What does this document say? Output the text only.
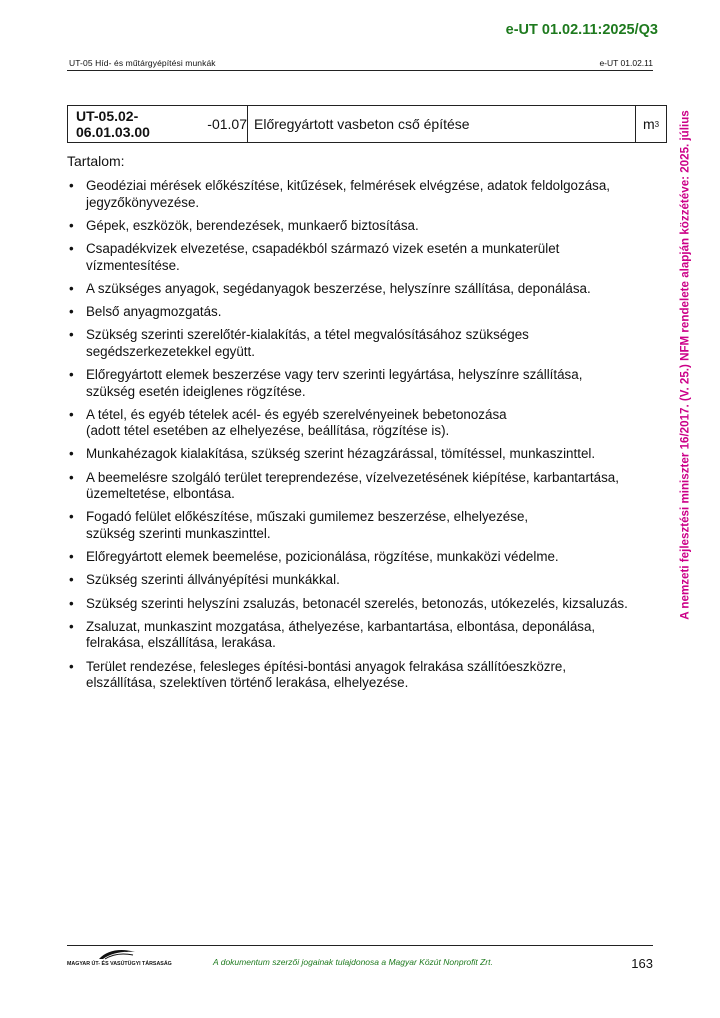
e-UT 01.02.11:2025/Q3
UT-05 Híd- és műtárgyépítési munkák	e-UT 01.02.11
UT-05.02-06.01.03.00	-01.07 Előregyártott vasbeton cső építése	m 3
Tartalom:
• Geodéziai mérések előkészítése, kitűzések, felmérések elvégzése, adatok feldolgozása,
jegyzőkönyvezése.
• Gépek, eszközök, berendezések, munkaerő biztosítása.
• Csapadékvizek elvezetése, csapadékból származó vizek esetén a munkaterület
vízmentesítése.
• A szükséges anyagok, segédanyagok beszerzése, helyszínre szállítása, deponálása.
• Belső anyagmozgatás.
• Szükség szerinti szerelőtér-kialakítás, a tétel megvalósításához szükséges
segédszerkezetekkel együtt.
• Előregyártott elemek beszerzése vagy terv szerinti legyártása, helyszínre szállítása,
szükség esetén ideiglenes rögzítése.
• A tétel, és egyéb tételek acél- és egyéb szerelvényeinek bebetonozása
(adott tétel esetében az elhelyezése, beállítása, rögzítése is).
• Munkahézagok kialakítása, szükség szerint hézagzárással, tömítéssel, munkaszinttel.
• A beemelésre szolgáló terület tereprendezése, vízelvezetésének kiépítése, karbantartása,
üzemeltetése, elbontása.
• Fogadó felület előkészítése, műszaki gumilemez beszerzése, elhelyezése,
szükség szerinti munkaszinttel.
• Előregyártott elemek beemelése, pozicionálása, rögzítése, munkaközi védelme.
• Szükség szerinti állványépítési munkákkal.
• Szükség szerinti helyszíni zsaluzás, betonacél szerelés, betonozás, utókezelés, kizsaluzás.
• Zsaluzat, munkaszint mozgatása, áthelyezése, karbantartása, elbontása, deponálása,
felrakása, elszállítása, lerakása.
• Terület rendezése, felesleges építési-bontási anyagok felrakása szállítóeszközre,
elszállítása, szelektíven történő lerakása, elhelyezése.
A nemzeti fejlesztési miniszter 16/2017. (V. 25.) NFM rendelete alapján közzétéve: 2025. július
MAGYAR ÚT- ÉS VASÚTÜGYI TÁRSASÁG	A dokumentum szerzői jogainak tulajdonosa a Magyar Közút Nonprofit Zrt.	163
